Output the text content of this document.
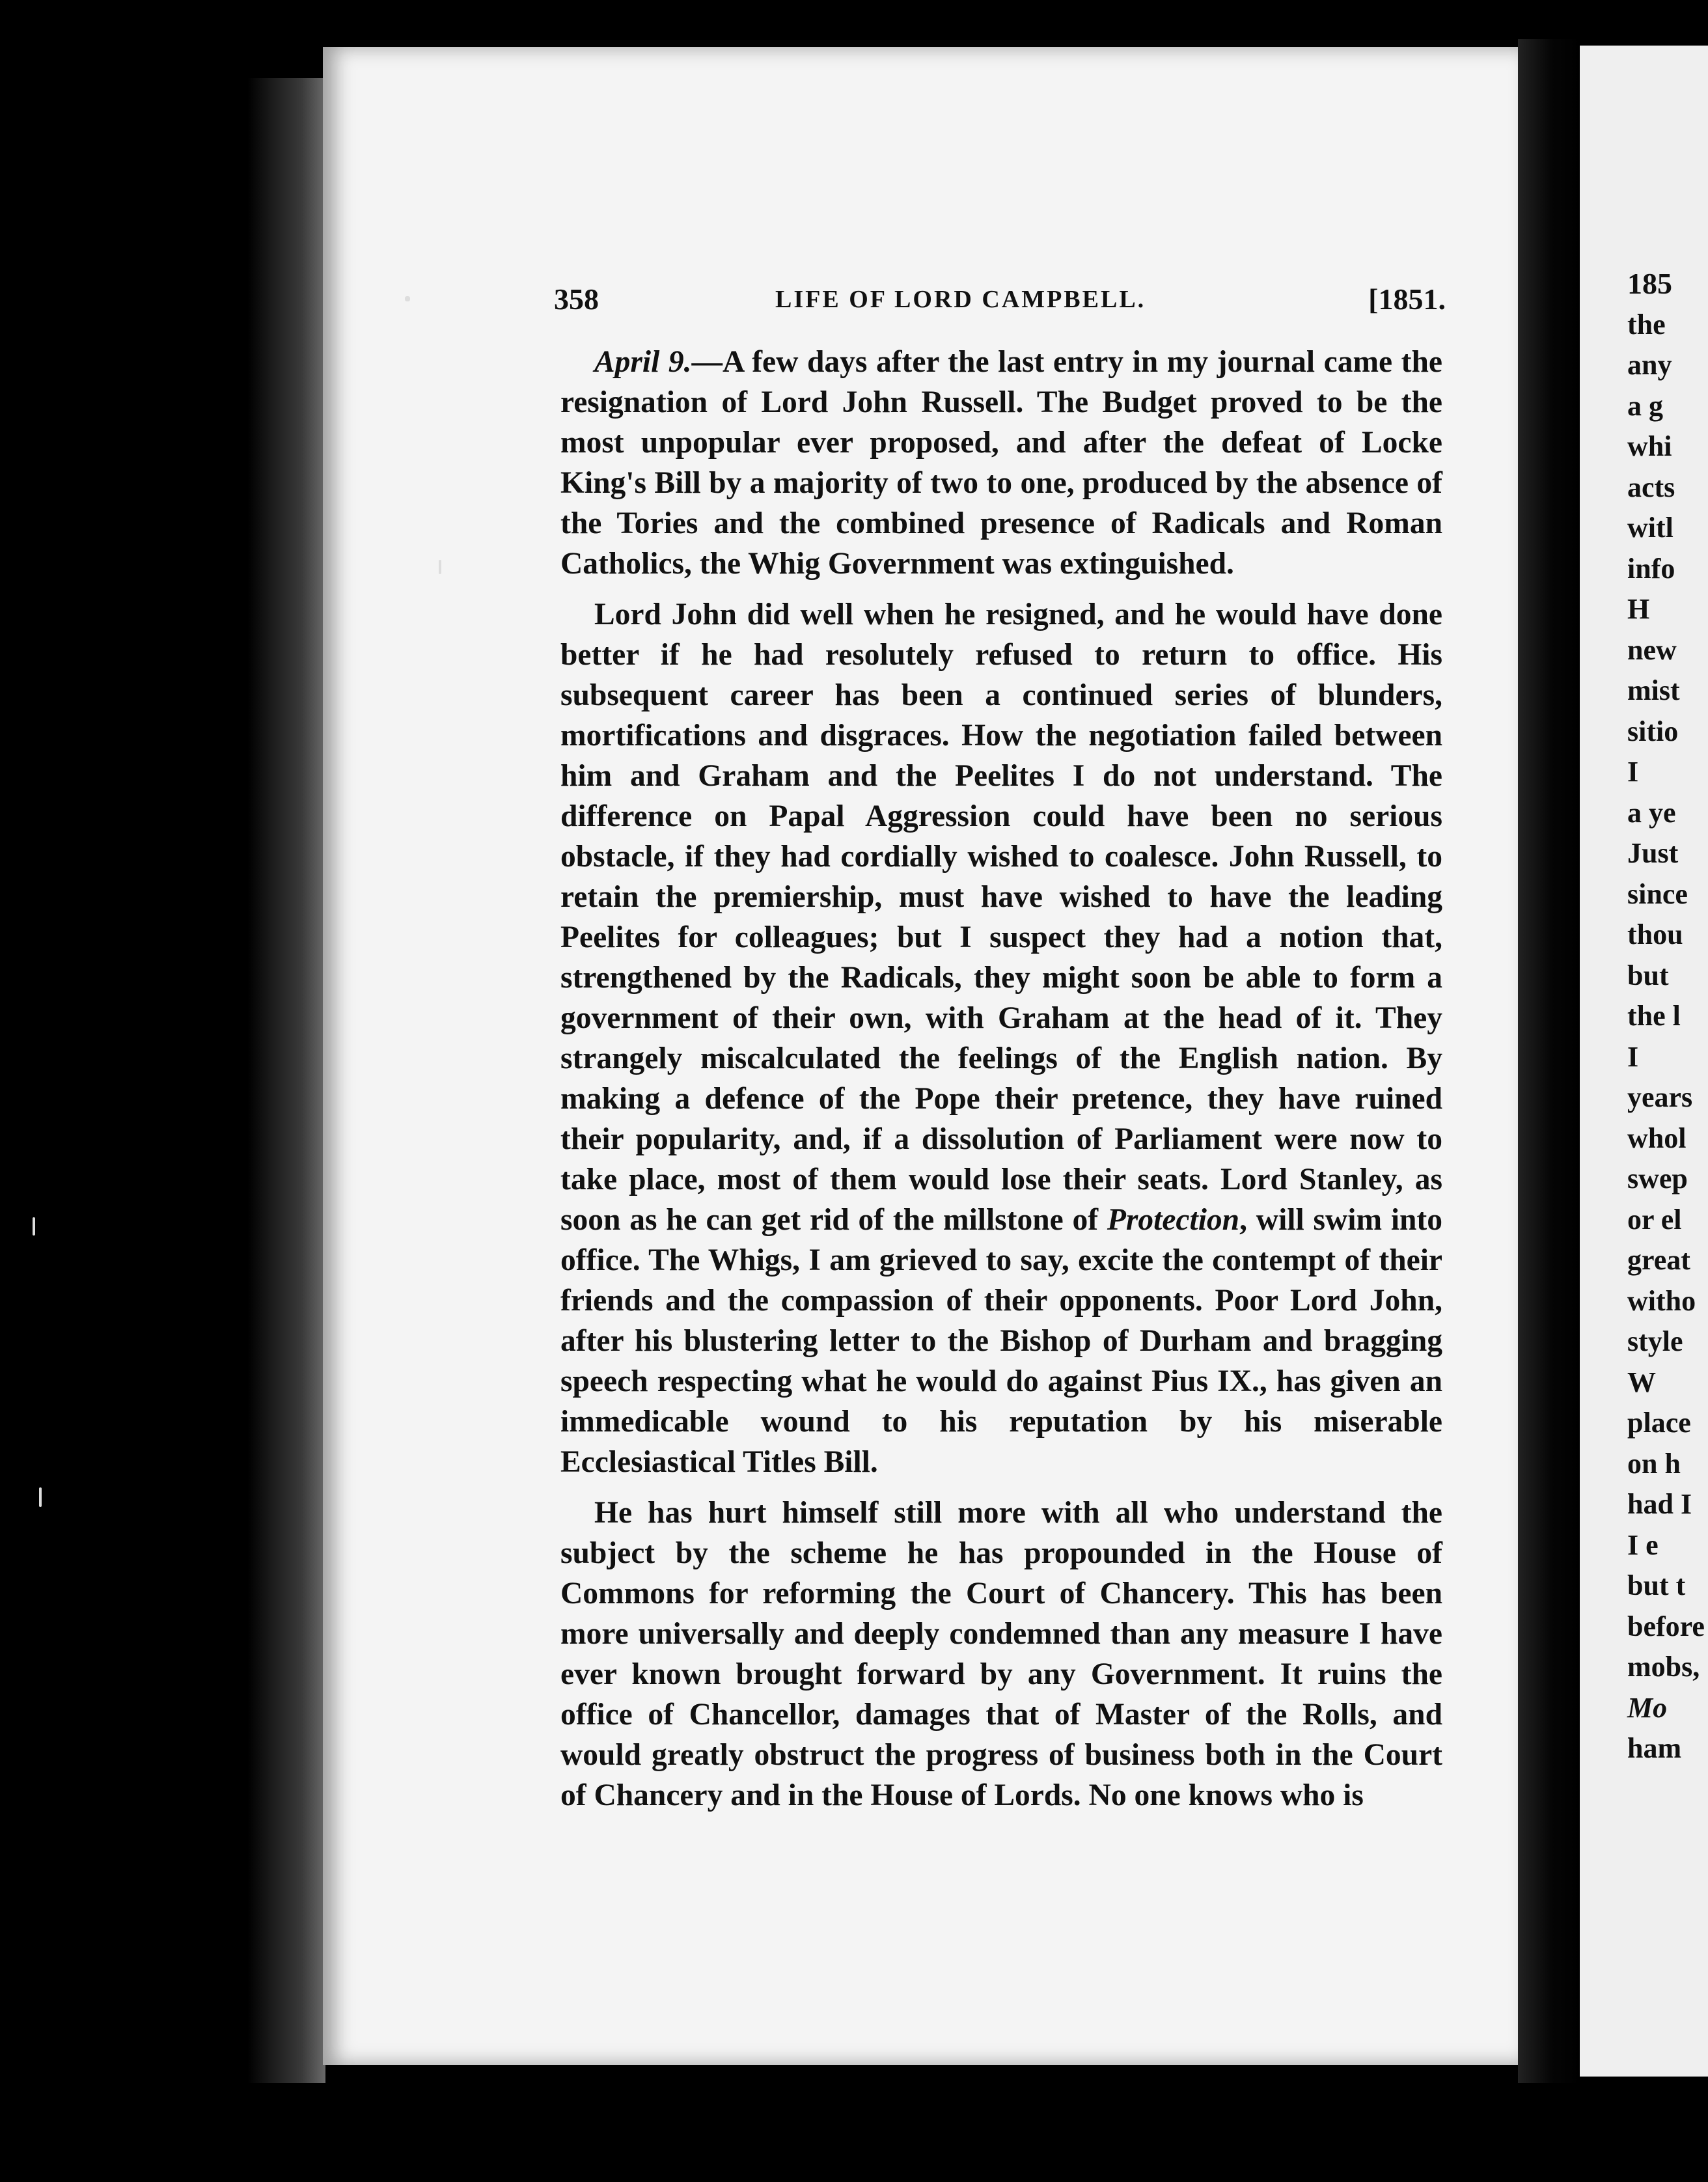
358	LIFE OF LORD CAMPBELL.	[1851.

April 9.—A few days after the last entry in my journal came the resignation of Lord John Russell. The Budget proved to be the most unpopular ever proposed, and after the defeat of Locke King's Bill by a majority of two to one, produced by the absence of the Tories and the combined presence of Radicals and Roman Catholics, the Whig Government was extinguished.

Lord John did well when he resigned, and he would have done better if he had resolutely refused to return to office. His subsequent career has been a continued series of blunders, mortifications and disgraces. How the negotiation failed between him and Graham and the Peelites I do not understand. The difference on Papal Aggression could have been no serious obstacle, if they had cordially wished to coalesce. John Russell, to retain the premiership, must have wished to have the leading Peelites for colleagues; but I suspect they had a notion that, strengthened by the Radicals, they might soon be able to form a government of their own, with Graham at the head of it. They strangely miscalculated the feelings of the English nation. By making a defence of the Pope their pretence, they have ruined their popularity, and, if a dissolution of Parliament were now to take place, most of them would lose their seats. Lord Stanley, as soon as he can get rid of the millstone of Protection, will swim into office. The Whigs, I am grieved to say, excite the contempt of their friends and the compassion of their opponents. Poor Lord John, after his blustering letter to the Bishop of Durham and bragging speech respecting what he would do against Pius IX., has given an immedicable wound to his reputation by his miserable Ecclesiastical Titles Bill.

He has hurt himself still more with all who understand the subject by the scheme he has propounded in the House of Commons for reforming the Court of Chancery. This has been more universally and deeply condemned than any measure I have ever known brought forward by any Government. It ruins the office of Chancellor, damages that of Master of the Rolls, and would greatly obstruct the progress of business both in the Court of Chancery and in the House of Lords. No one knows who is

185
the
any
a g
whi
acts
witl
info
H
new
mist
sitio
I
a ye
Just
since
thou
but
the l
I
years
whol
swep
or el
great
witho
style
W
place
on h
had I
I e
but t
before
mobs,
Mo
ham
